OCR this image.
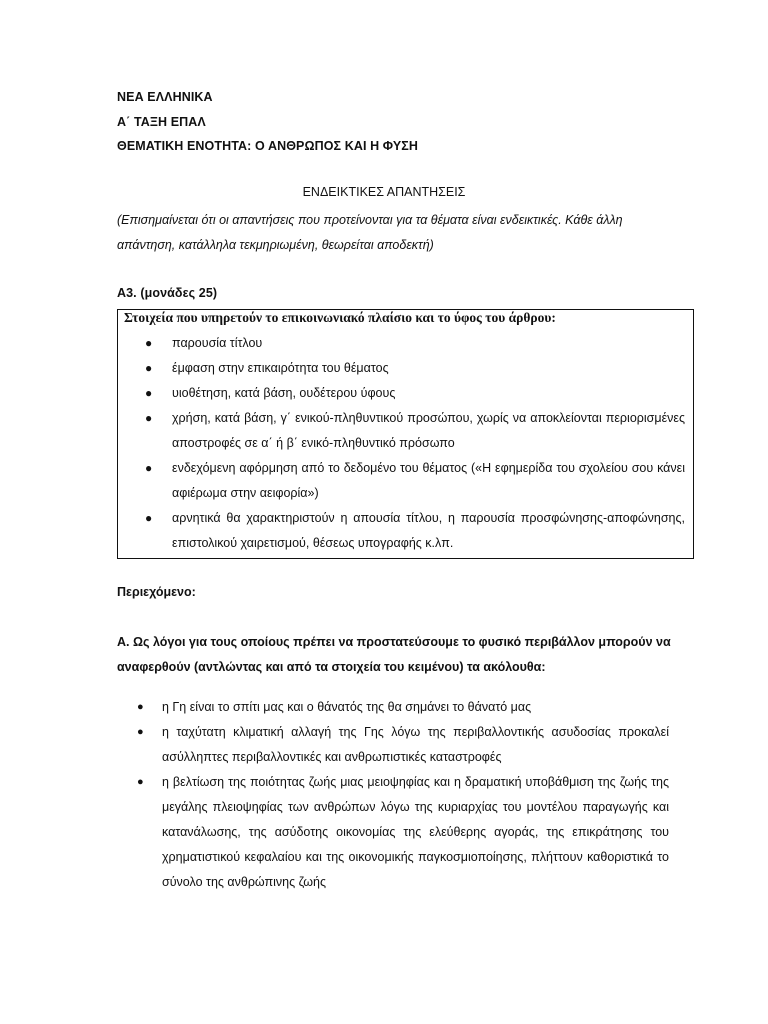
ΝΕΑ ΕΛΛΗΝΙΚΑ
Α΄ ΤΑΞΗ ΕΠΑΛ
ΘΕΜΑΤΙΚΗ ΕΝΟΤΗΤΑ: Ο ΑΝΘΡΩΠΟΣ ΚΑΙ Η ΦΥΣΗ
ΕΝΔΕΙΚΤΙΚΕΣ ΑΠΑΝΤΗΣΕΙΣ
(Επισημαίνεται ότι οι απαντήσεις που προτείνονται για τα θέματα είναι ενδεικτικές. Κάθε άλλη απάντηση, κατάλληλα τεκμηριωμένη, θεωρείται αποδεκτή)
Α3. (μονάδες 25)
Στοιχεία που υπηρετούν το επικοινωνιακό πλαίσιο και το ύφος του άρθρου:
● παρουσία τίτλου
● έμφαση στην επικαιρότητα του θέματος
● υιοθέτηση, κατά βάση, ουδέτερου ύφους
● χρήση, κατά βάση, γ΄ ενικού-πληθυντικού προσώπου, χωρίς να αποκλείονται περιορισμένες αποστροφές σε α΄ ή β΄ ενικό-πληθυντικό πρόσωπο
● ενδεχόμενη αφόρμηση από το δεδομένο του θέματος («Η εφημερίδα του σχολείου σου κάνει αφιέρωμα στην αειφορία»)
● αρνητικά θα χαρακτηριστούν η απουσία τίτλου, η παρουσία προσφώνησης-αποφώνησης, επιστολικού χαιρετισμού, θέσεως υπογραφής κ.λπ.
Περιεχόμενο:
Α. Ως λόγοι για τους οποίους πρέπει να προστατεύσουμε το φυσικό περιβάλλον μπορούν να αναφερθούν (αντλώντας και από τα στοιχεία του κειμένου) τα ακόλουθα:
● η Γη είναι το σπίτι μας και ο θάνατός της θα σημάνει το θάνατό μας
● η ταχύτατη κλιματική αλλαγή της Γης λόγω της περιβαλλοντικής ασυδοσίας προκαλεί ασύλληπτες περιβαλλοντικές και ανθρωπιστικές καταστροφές
● η βελτίωση της ποιότητας ζωής μιας μειοψηφίας και η δραματική υποβάθμιση της ζωής της μεγάλης πλειοψηφίας των ανθρώπων λόγω της κυριαρχίας του μοντέλου παραγωγής και κατανάλωσης, της ασύδοτης οικονομίας της ελεύθερης αγοράς, της επικράτησης του χρηματιστικού κεφαλαίου και της οικονομικής παγκοσμιοποίησης, πλήττουν καθοριστικά το σύνολο της ανθρώπινης ζωής
